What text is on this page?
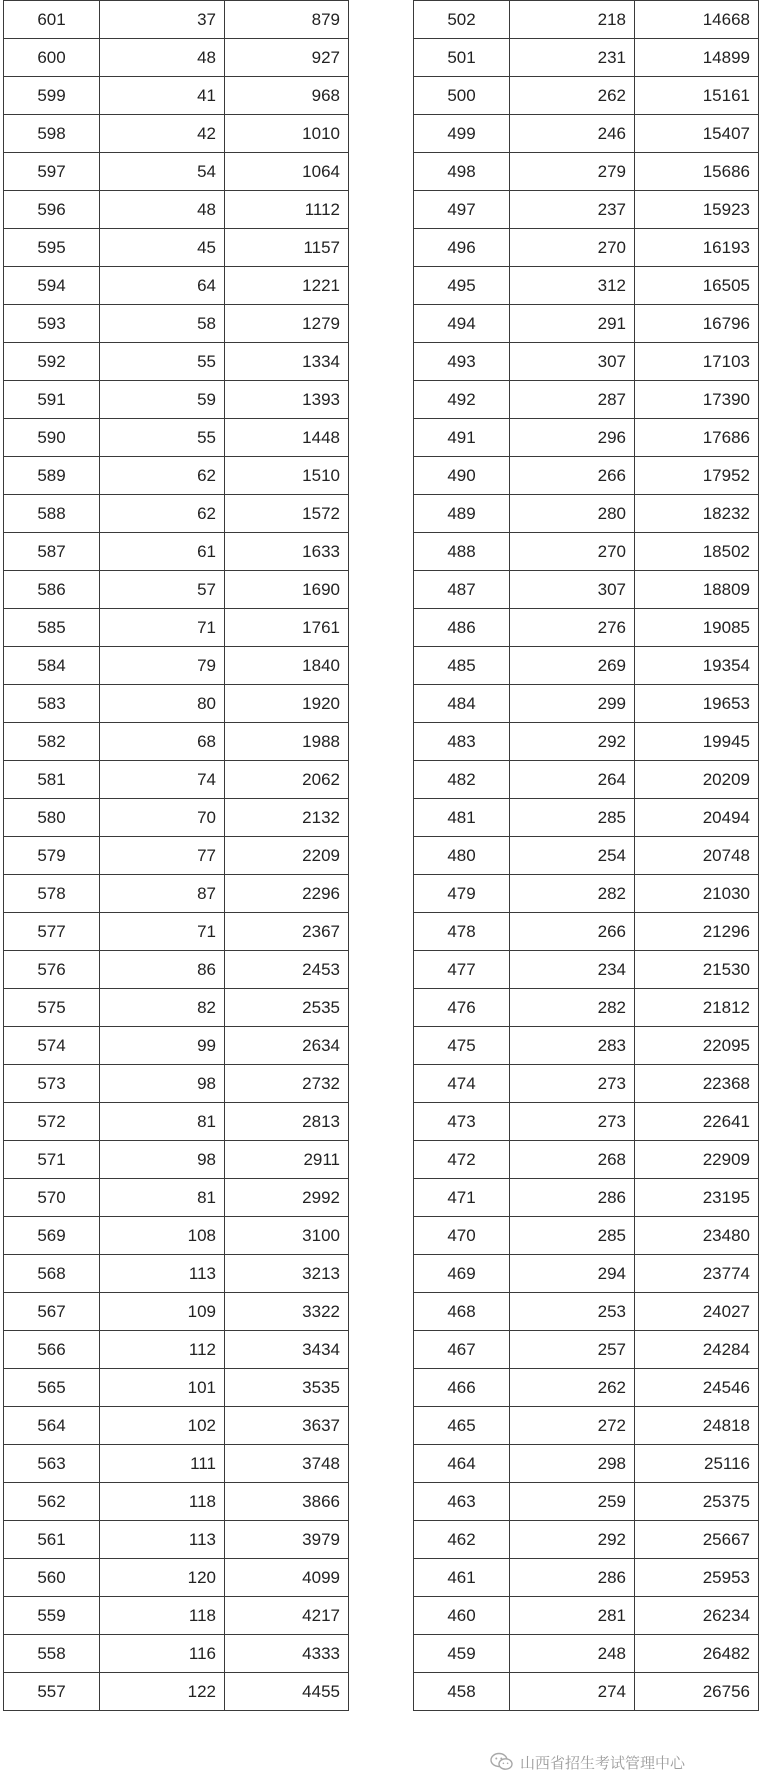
601	37	879
600	48	927
599	41	968
598	42	1010
597	54	1064
596	48	1112
595	45	1157
594	64	1221
593	58	1279
592	55	1334
591	59	1393
590	55	1448
589	62	1510
588	62	1572
587	61	1633
586	57	1690
585	71	1761
584	79	1840
583	80	1920
582	68	1988
581	74	2062
580	70	2132
579	77	2209
578	87	2296
577	71	2367
576	86	2453
575	82	2535
574	99	2634
573	98	2732
572	81	2813
571	98	2911
570	81	2992
569	108	3100
568	113	3213
567	109	3322
566	112	3434
565	101	3535
564	102	3637
563	111	3748
562	118	3866
561	113	3979
560	120	4099
559	118	4217
558	116	4333
557	122	4455
502	218	14668
501	231	14899
500	262	15161
499	246	15407
498	279	15686
497	237	15923
496	270	16193
495	312	16505
494	291	16796
493	307	17103
492	287	17390
491	296	17686
490	266	17952
489	280	18232
488	270	18502
487	307	18809
486	276	19085
485	269	19354
484	299	19653
483	292	19945
482	264	20209
481	285	20494
480	254	20748
479	282	21030
478	266	21296
477	234	21530
476	282	21812
475	283	22095
474	273	22368
473	273	22641
472	268	22909
471	286	23195
470	285	23480
469	294	23774
468	253	24027
467	257	24284
466	262	24546
465	272	24818
464	298	25116
463	259	25375
462	292	25667
461	286	25953
460	281	26234
459	248	26482
458	274	26756
山西省招生考试管理中心
